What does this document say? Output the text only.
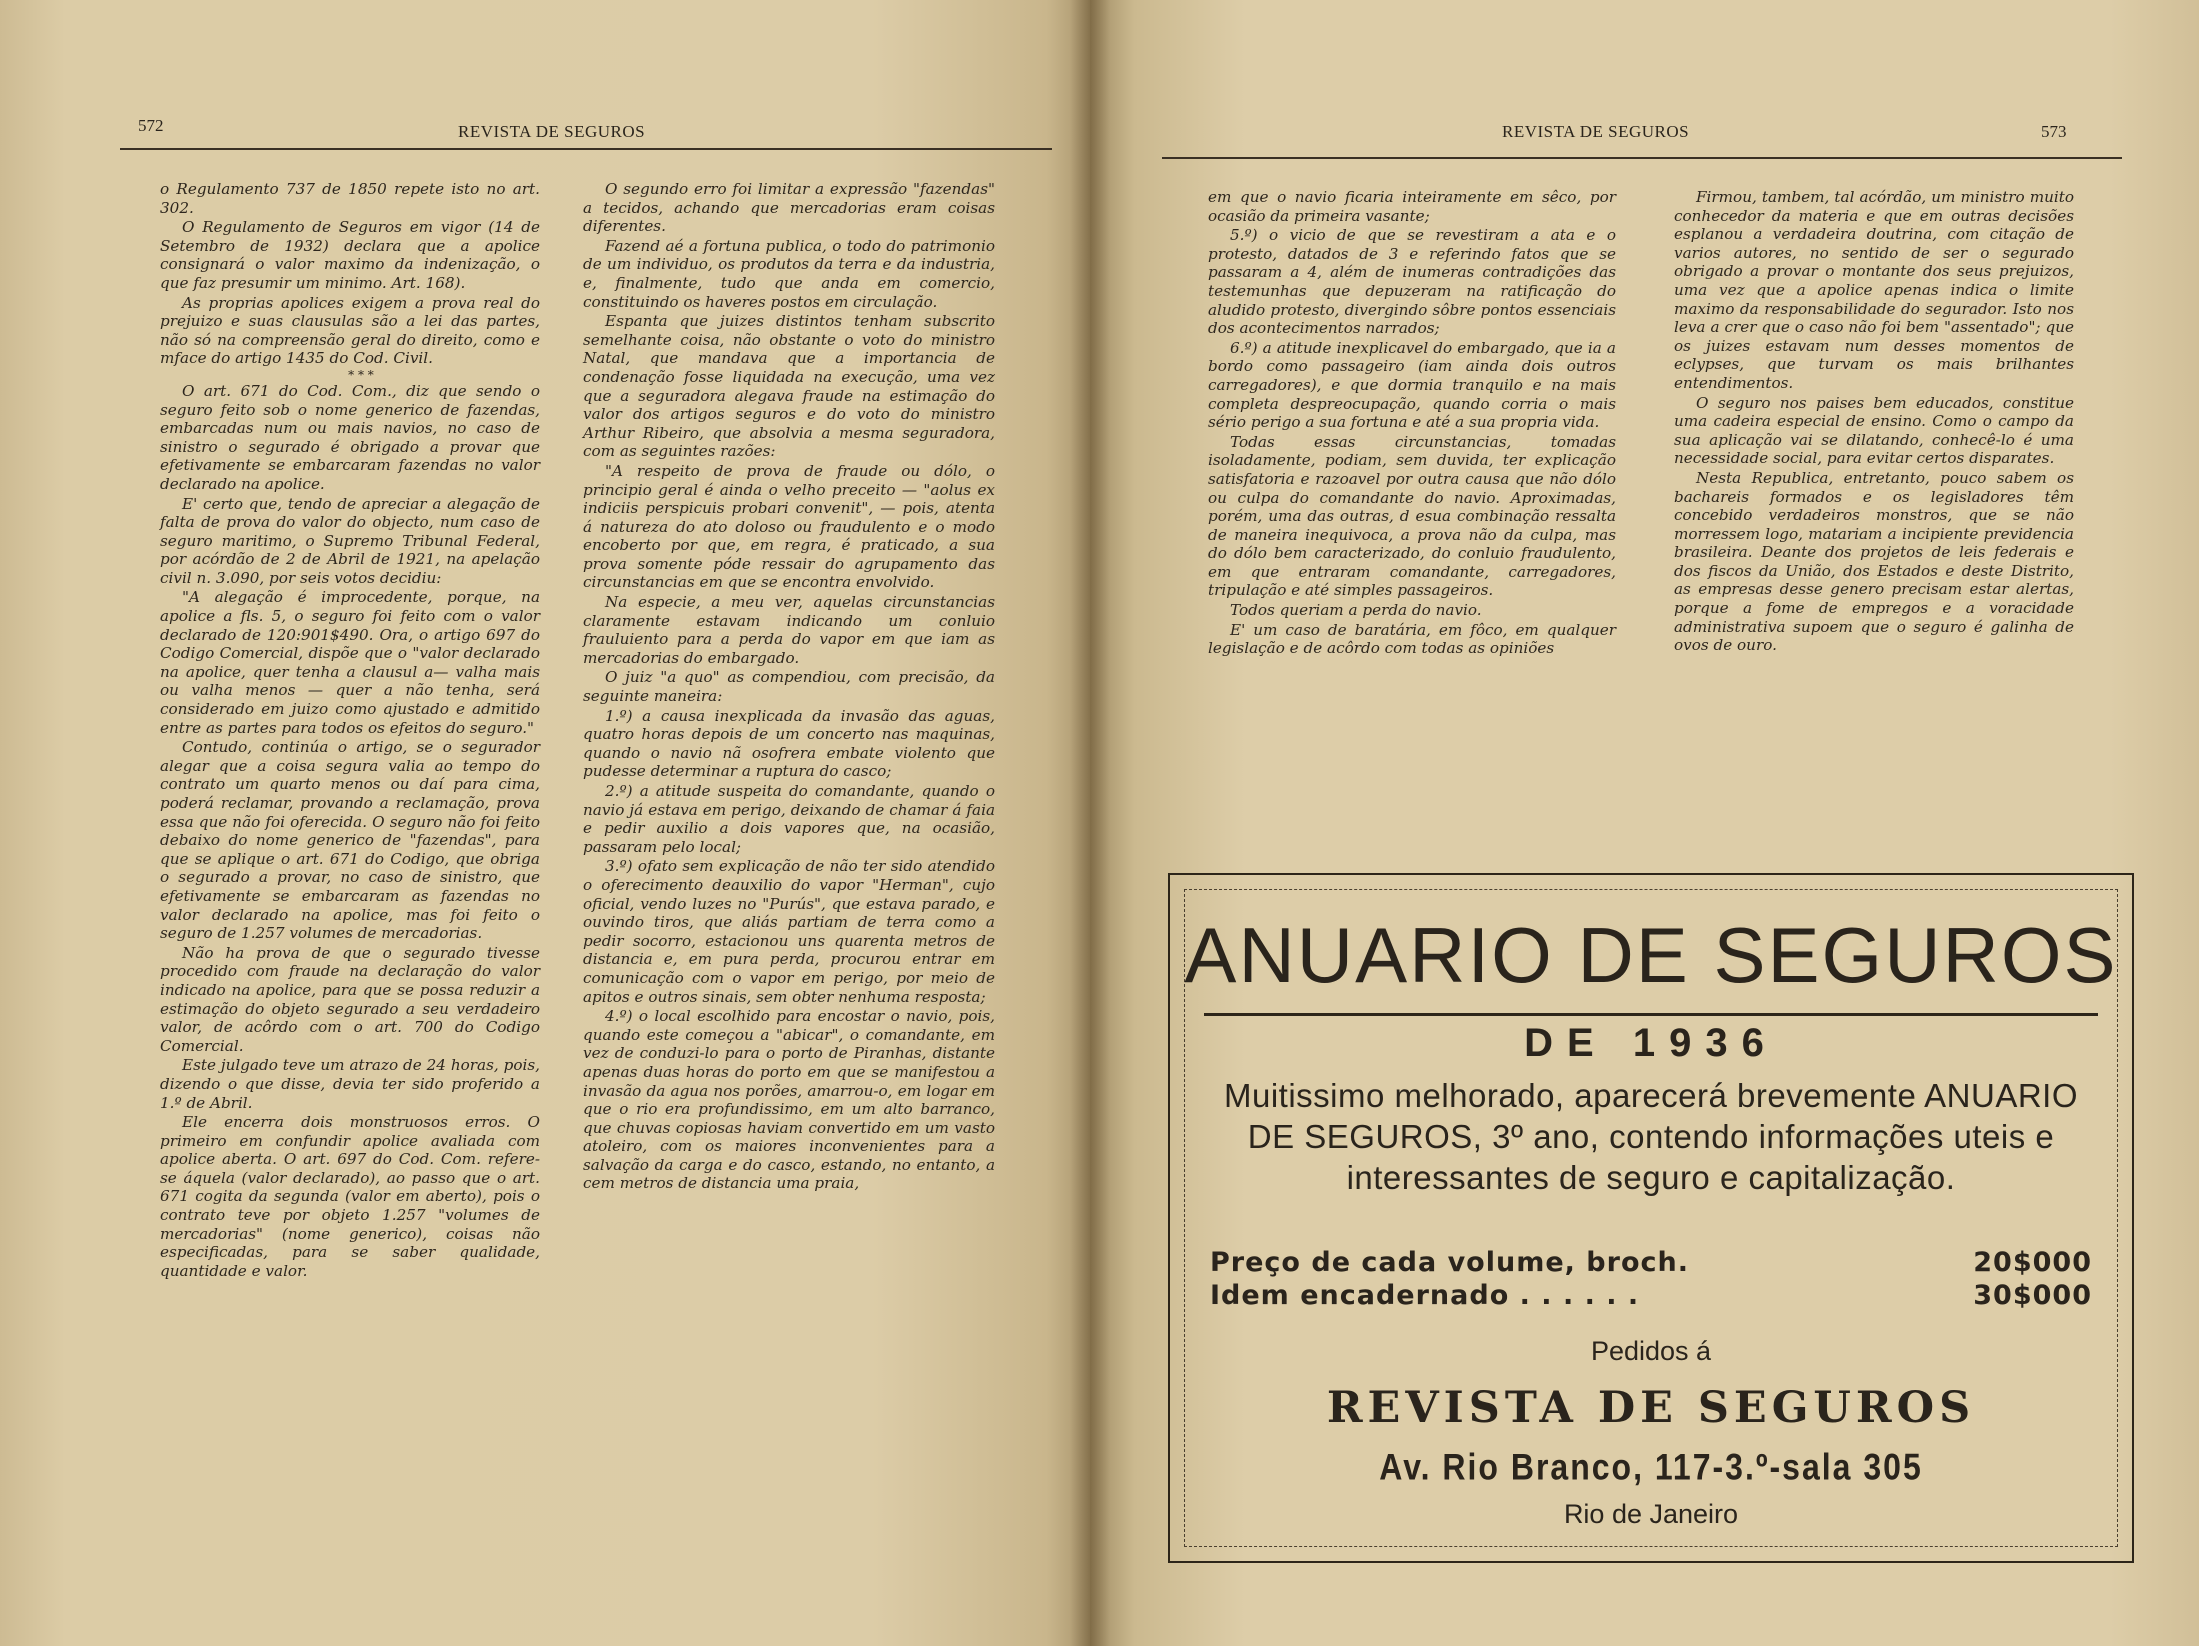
572	REVISTA DE SEGUROS

o Regulamento 737 de 1850 repete isto no art. 302.

O Regulamento de Seguros em vigor (14 de Setembro de 1932) declara que a apolice consignará o valor maximo da indenização, o que faz presumir um minimo. Art. 168).

As proprias apolices exigem a prova real do prejuizo e suas clausulas são a lei das partes, não só na compreensão geral do direito, como e mface do artigo 1435 do Cod. Civil.

* * *

O art. 671 do Cod. Com., diz que sendo o seguro feito sob o nome generico de fazendas, embarcadas num ou mais navios, no caso de sinistro o segurado é obrigado a provar que efetivamente se embarcaram fazendas no valor declarado na apolice.

E' certo que, tendo de apreciar a alegação de falta de prova do valor do objecto, num caso de seguro maritimo, o Supremo Tribunal Federal, por acórdão de 2 de Abril de 1921, na apelação civil n. 3.090, por seis votos decidiu:

"A alegação é improcedente, porque, na apolice a fls. 5, o seguro foi feito com o valor declarado de 120:901$490. Ora, o artigo 697 do Codigo Comercial, dispõe que o "valor declarado na apolice, quer tenha a clausul a— valha mais ou valha menos — quer a não tenha, será considerado em juizo como ajustado e admitido entre as partes para todos os efeitos do seguro."

Contudo, continúa o artigo, se o segurador alegar que a coisa segura valia ao tempo do contrato um quarto menos ou daí para cima, poderá reclamar, provando a reclamação, prova essa que não foi oferecida. O seguro não foi feito debaixo do nome generico de "fazendas", para que se aplique o art. 671 do Codigo, que obriga o segurado a provar, no caso de sinistro, que efetivamente se embarcaram as fazendas no valor declarado na apolice, mas foi feito o seguro de 1.257 volumes de mercadorias.

Não ha prova de que o segurado tivesse procedido com fraude na declaração do valor indicado na apolice, para que se possa reduzir a estimação do objeto segurado a seu verdadeiro valor, de acôrdo com o art. 700 do Codigo Comercial.

Este julgado teve um atrazo de 24 horas, pois, dizendo o que disse, devia ter sido proferido a 1.º de Abril.

Ele encerra dois monstruosos erros. O primeiro em confundir apolice avaliada com apolice aberta. O art. 697 do Cod. Com. refere-se áquela (valor declarado), ao passo que o art. 671 cogita da segunda (valor em aberto), pois o contrato teve por objeto 1.257 "volumes de mercadorias" (nome generico), coisas não especificadas, para se saber qualidade, quantidade e valor.

O segundo erro foi limitar a expressão "fazendas" a tecidos, achando que mercadorias eram coisas diferentes.

Fazend aé a fortuna publica, o todo do patrimonio de um individuo, os produtos da terra e da industria, e, finalmente, tudo que anda em comercio, constituindo os haveres postos em circulação.

Espanta que juizes distintos tenham subscrito semelhante coisa, não obstante o voto do ministro Natal, que mandava que a importancia de condenação fosse liquidada na execução, uma vez que a seguradora alegava fraude na estimação do valor dos artigos seguros e do voto do ministro Arthur Ribeiro, que absolvia a mesma seguradora, com as seguintes razões:

"A respeito de prova de fraude ou dólo, o principio geral é ainda o velho preceito — "aolus ex indiciis perspicuis probari convenit", — pois, atenta á natureza do ato doloso ou fraudulento e o modo encoberto por que, em regra, é praticado, a sua prova somente póde ressair do agrupamento das circunstancias em que se encontra envolvido.

Na especie, a meu ver, aquelas circunstancias claramente estavam indicando um conluio frauluiento para a perda do vapor em que iam as mercadorias do embargado.

O juiz "a quo" as compendiou, com precisão, da seguinte maneira:

1.º) a causa inexplicada da invasão das aguas, quatro horas depois de um concerto nas maquinas, quando o navio nã osofrera embate violento que pudesse determinar a ruptura do casco;

2.º) a atitude suspeita do comandante, quando o navio já estava em perigo, deixando de chamar á faia e pedir auxilio a dois vapores que, na ocasião, passaram pelo local;

3.º) ofato sem explicação de não ter sido atendido o oferecimento deauxilio do vapor "Herman", cujo oficial, vendo luzes no "Purús", que estava parado, e ouvindo tiros, que aliás partiam de terra como a pedir socorro, estacionou uns quarenta metros de distancia e, em pura perda, procurou entrar em comunicação com o vapor em perigo, por meio de apitos e outros sinais, sem obter nenhuma resposta;

4.º) o local escolhido para encostar o navio, pois, quando este começou a "abicar", o comandante, em vez de conduzi-lo para o porto de Piranhas, distante apenas duas horas do porto em que se manifestou a invasão da agua nos porões, amarrou-o, em logar em que o rio era profundissimo, em um alto barranco, que chuvas copiosas haviam convertido em um vasto atoleiro, com os maiores inconvenientes para a salvação da carga e do casco, estando, no entanto, a cem metros de distancia uma praia,

REVISTA DE SEGUROS	573

em que o navio ficaria inteiramente em sêco, por ocasião da primeira vasante;

5.º) o vicio de que se revestiram a ata e o protesto, datados de 3 e referindo fatos que se passaram a 4, além de inumeras contradições das testemunhas que depuzeram na ratificação do aludido protesto, divergindo sôbre pontos essenciais dos acontecimentos narrados;

6.º) a atitude inexplicavel do embargado, que ia a bordo como passageiro (iam ainda dois outros carregadores), e que dormia tranquilo e na mais completa despreocupação, quando corria o mais sério perigo a sua fortuna e até a sua propria vida.

Todas essas circunstancias, tomadas isoladamente, podiam, sem duvida, ter explicação satisfatoria e razoavel por outra causa que não dólo ou culpa do comandante do navio. Aproximadas, porém, uma das outras, d esua combinação ressalta de maneira inequivoca, a prova não da culpa, mas do dólo bem caracterizado, do conluio fraudulento, em que entraram comandante, carregadores, tripulação e até simples passageiros.

Todos queriam a perda do navio.

E' um caso de baratária, em fôco, em qualquer legislação e de acôrdo com todas as opiniões

Firmou, tambem, tal acórdão, um ministro muito conhecedor da materia e que em outras decisões esplanou a verdadeira doutrina, com citação de varios autores, no sentido de ser o segurado obrigado a provar o montante dos seus prejuizos, uma vez que a apolice apenas indica o limite maximo da responsabilidade do segurador. Isto nos leva a crer que o caso não foi bem "assentado"; que os juizes estavam num desses momentos de eclypses, que turvam os mais brilhantes entendimentos.

O seguro nos paises bem educados, constitue uma cadeira especial de ensino. Como o campo da sua aplicação vai se dilatando, conhecê-lo é uma necessidade social, para evitar certos disparates.

Nesta Republica, entretanto, pouco sabem os bachareis formados e os legisladores têm concebido verdadeiros monstros, que se não morressem logo, matariam a incipiente previdencia brasileira. Deante dos projetos de leis federais e dos fiscos da União, dos Estados e deste Distrito, as empresas desse genero precisam estar alertas, porque a fome de empregos e a voracidade administrativa supoem que o seguro é galinha de ovos de ouro.

ANUARIO DE SEGUROS
DE 1936
Muitissimo melhorado, aparecerá brevemente ANUARIO DE SEGUROS, 3º ano, contendo informações uteis e interessantes de seguro e capitalização.
Preço de cada volume, broch.	20$000
Idem encadernado . . . . . .	30$000
Pedidos á
REVISTA DE SEGUROS
Av. Rio Branco, 117-3.º-sala 305
Rio de Janeiro
